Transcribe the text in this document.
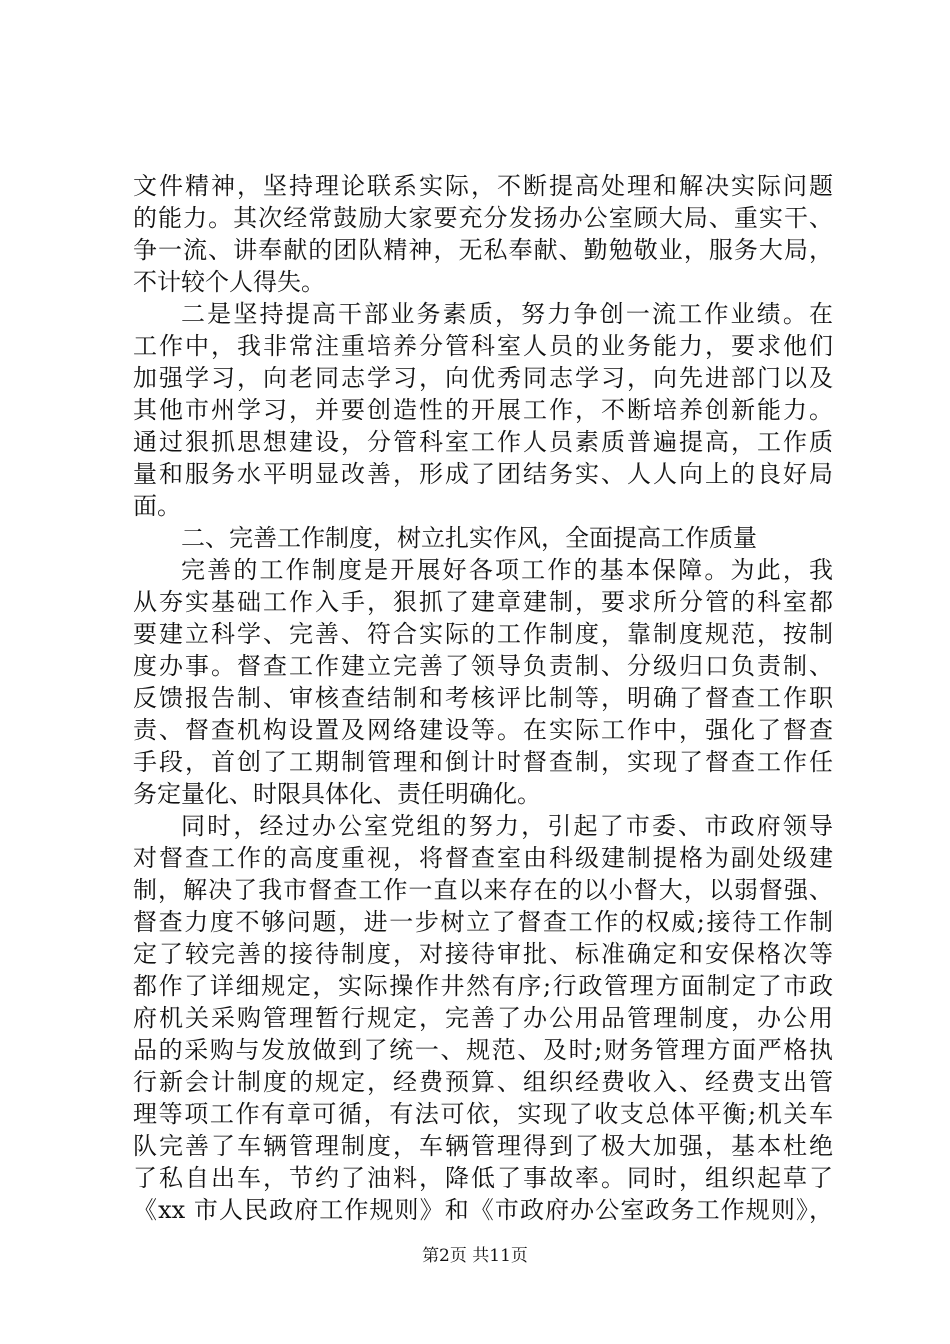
文件精神，坚持理论联系实际，不断提高处理和解决实际问题
的能力。其次经常鼓励大家要充分发扬办公室顾大局、重实干、
争一流、讲奉献的团队精神，无私奉献、勤勉敬业，服务大局，
不计较个人得失。
二是坚持提高干部业务素质，努力争创一流工作业绩。在
工作中，我非常注重培养分管科室人员的业务能力，要求他们
加强学习，向老同志学习，向优秀同志学习，向先进部门以及
其他市州学习，并要创造性的开展工作，不断培养创新能力。
通过狠抓思想建设，分管科室工作人员素质普遍提高，工作质
量和服务水平明显改善，形成了团结务实、人人向上的良好局
面。
二、完善工作制度，树立扎实作风，全面提高工作质量
完善的工作制度是开展好各项工作的基本保障。为此，我
从夯实基础工作入手，狠抓了建章建制，要求所分管的科室都
要建立科学、完善、符合实际的工作制度，靠制度规范，按制
度办事。督查工作建立完善了领导负责制、分级归口负责制、
反馈报告制、审核查结制和考核评比制等，明确了督查工作职
责、督查机构设置及网络建设等。在实际工作中，强化了督查
手段，首创了工期制管理和倒计时督查制，实现了督查工作任
务定量化、时限具体化、责任明确化。
同时，经过办公室党组的努力，引起了市委、市政府领导
对督查工作的高度重视，将督查室由科级建制提格为副处级建
制，解决了我市督查工作一直以来存在的以小督大，以弱督强、
督查力度不够问题，进一步树立了督查工作的权威;接待工作制
定了较完善的接待制度，对接待审批、标准确定和安保格次等
都作了详细规定，实际操作井然有序;行政管理方面制定了市政
府机关采购管理暂行规定，完善了办公用品管理制度，办公用
品的采购与发放做到了统一、规范、及时;财务管理方面严格执
行新会计制度的规定，经费预算、组织经费收入、经费支出管
理等项工作有章可循，有法可依，实现了收支总体平衡;机关车
队完善了车辆管理制度，车辆管理得到了极大加强，基本杜绝
了私自出车，节约了油料，降低了事故率。同时，组织起草了
《xx 市人民政府工作规则》和《市政府办公室政务工作规则》，
第2页 共11页
